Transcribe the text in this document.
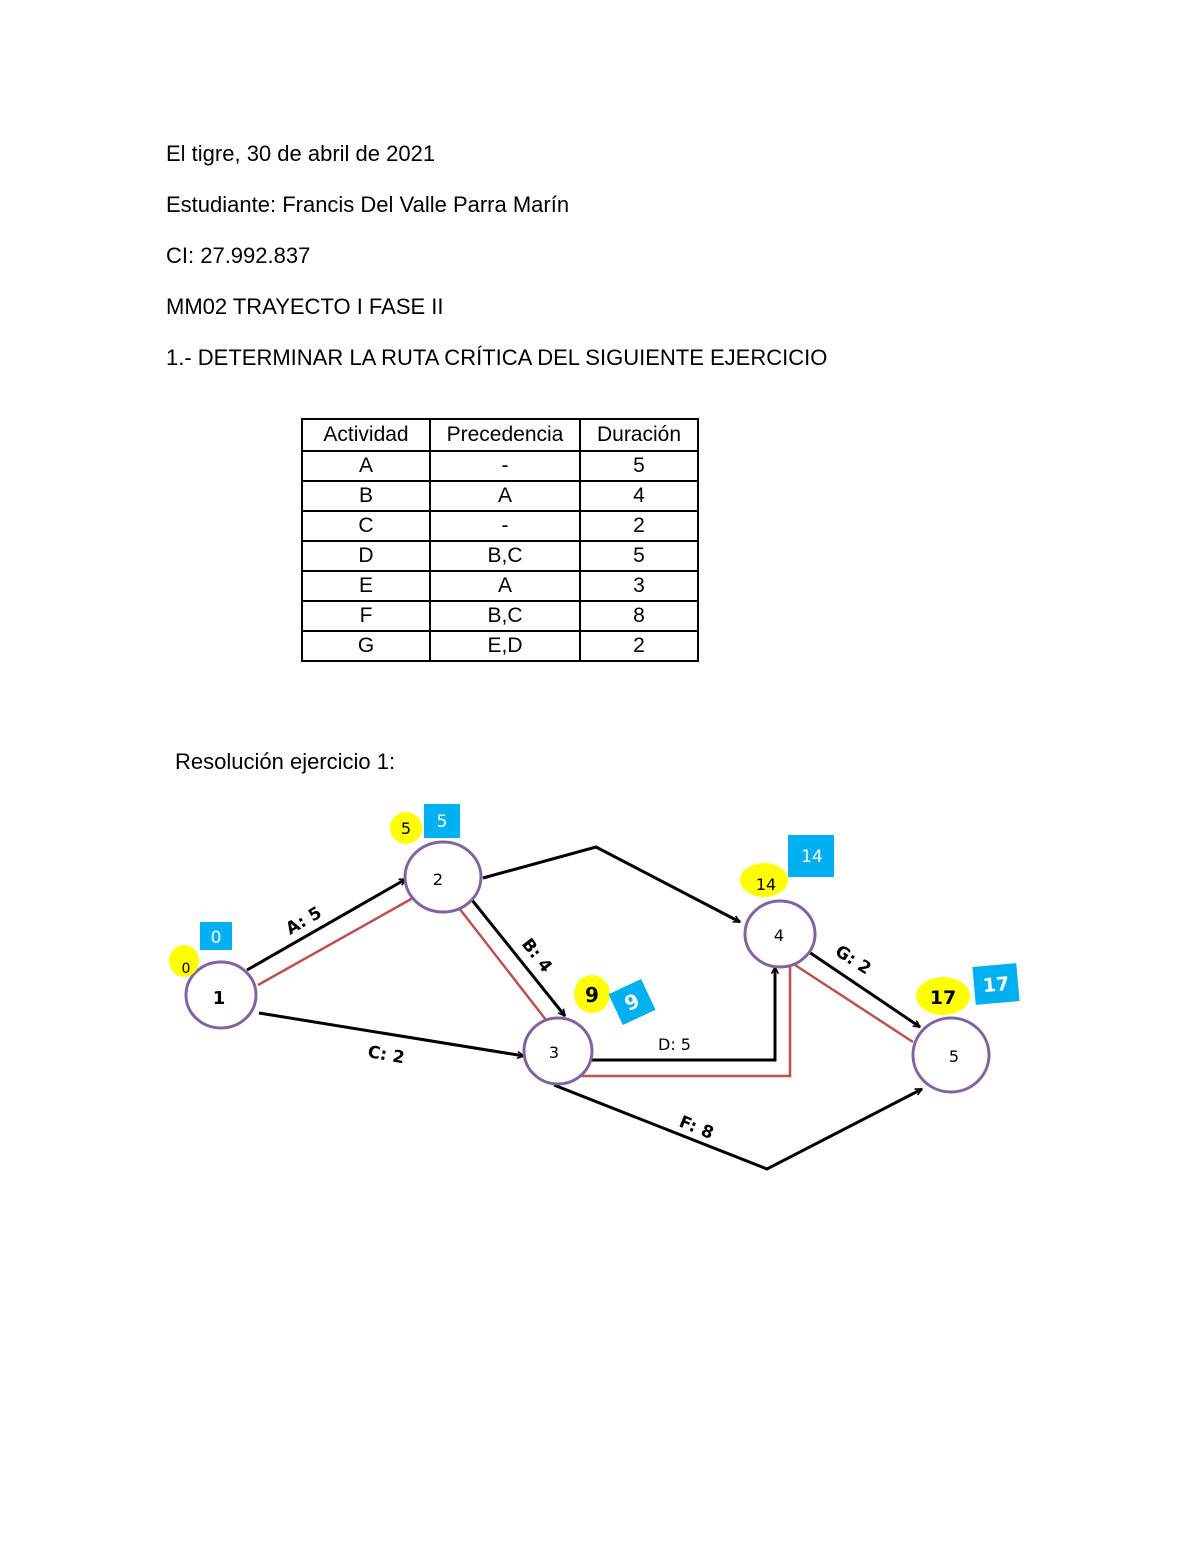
El tigre, 30 de abril de 2021
Estudiante: Francis Del Valle Parra Marín
CI: 27.992.837
MM02 TRAYECTO I FASE II
1.- DETERMINAR LA RUTA CRÍTICA DEL SIGUIENTE EJERCICIO
Actividad	Precedencia	Duración
A	-	5
B	A	4
C	-	2
D	B,C	5
E	A	3
F	B,C	8
G	E,D	2
Resolución ejercicio 1:
A: 5
B: 4
C: 2	D: 5
F: 8
G: 2
1
2
3
4
5
0
5
9
14
17
0
5
9
14
17
